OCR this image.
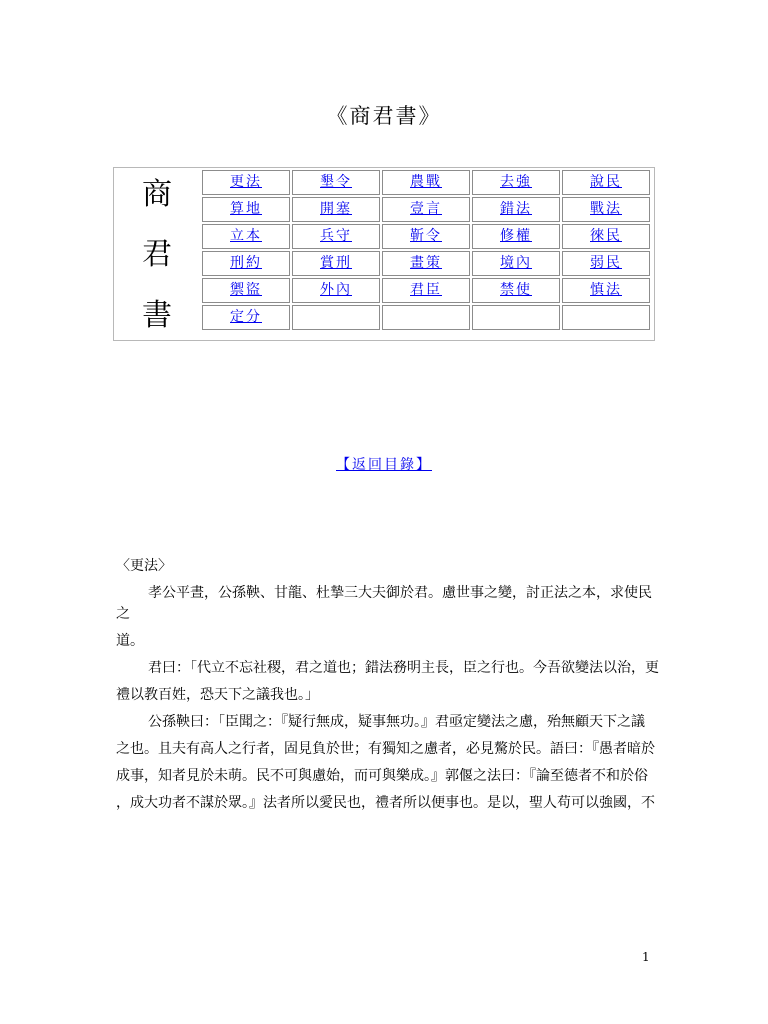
《商君書》
商
君
書
更法	墾令	農戰	去強	說民
算地	開塞	壹言	錯法	戰法
立本	兵守	靳令	修權	徠民
刑約	賞刑	畫策	境內	弱民
禦盜	外內	君臣	禁使	慎法
定分				
【返回目錄】

〈更法〉

孝公平晝，公孫鞅、甘龍、杜摯三大夫御於君。慮世事之變，討正法之本，求使民之

道。

君曰：「代立不忘社稷，君之道也；錯法務明主長，臣之行也。今吾欲變法以治，更

禮以教百姓，恐天下之議我也。」

公孫鞅曰：「臣聞之：『疑行無成，疑事無功。』君亟定變法之慮，殆無顧天下之議

之也。且夫有高人之行者，固見負於世；有獨知之慮者，必見驁於民。語曰：『愚者暗於

成事，知者見於未萌。民不可與慮始，而可與樂成。』郭偃之法曰：『論至德者不和於俗

，成大功者不謀於眾。』法者所以愛民也，禮者所以便事也。是以，聖人苟可以強國，不

1
